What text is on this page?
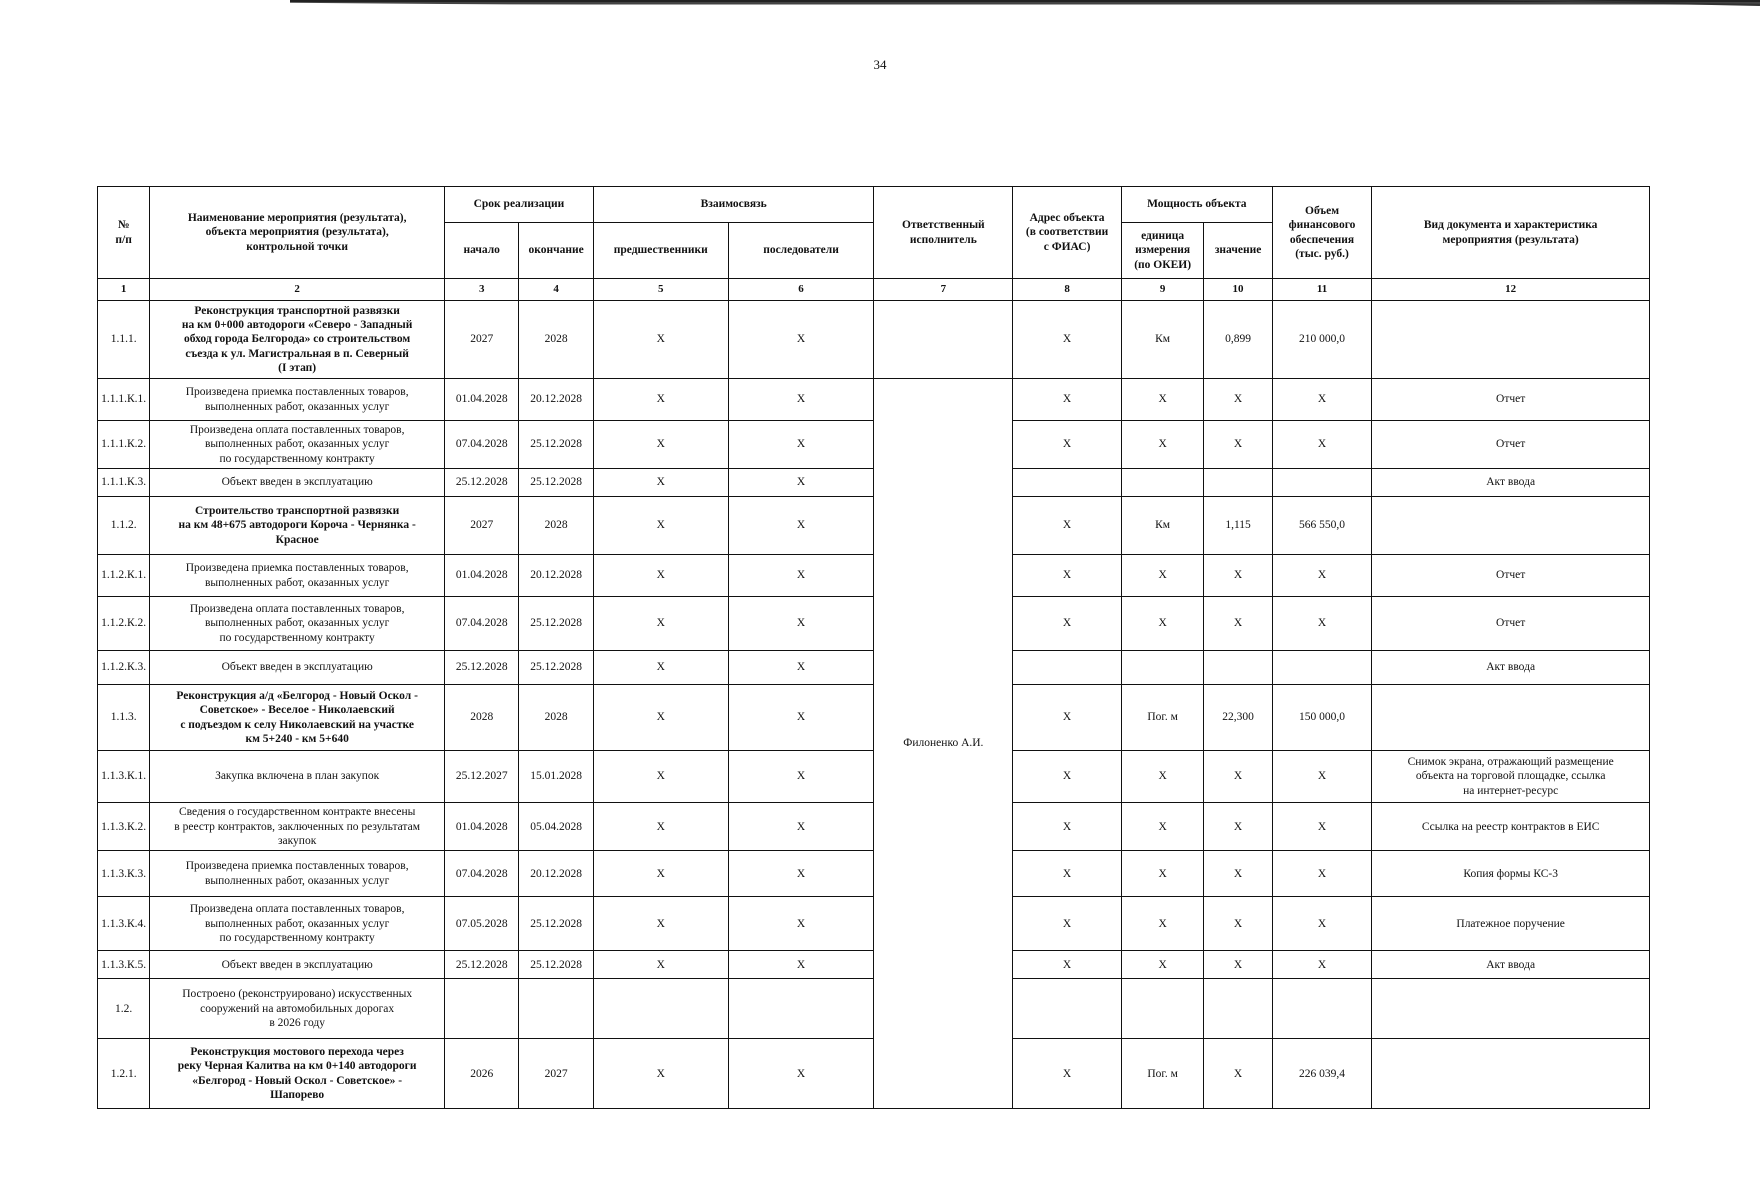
34
№
п/п	Наименование мероприятия (результата),
объекта мероприятия (результата),
контрольной точки	Срок реализации		Взаимосвязь		Ответственный
исполнитель	Адрес объекта
(в соответствии
с ФИАС)	Мощность объекта		Объем
финансового
обеспечения
(тыс. руб.)	Вид документа и характеристика
мероприятия (результата)
		начало	окончание	предшественники	последователи			единица
измерения
(по ОКЕИ)	значение		
1	2	3	4	5	6	7	8	9	10	11	12
1.1.1.	Реконструкция транспортной развязки
на км 0+000 автодороги «Северо - Западный
обход города Белгорода» со строительством
съезда к ул. Магистральная в п. Северный
(I этап)	2027	2028	X	X		X	Км	0,899	210 000,0	
1.1.1.К.1.	Произведена приемка поставленных товаров,
выполненных работ, оказанных услуг	01.04.2028	20.12.2028	X	X	Филоненко А.И.	X	X	X	X	Отчет
1.1.1.К.2.	Произведена оплата поставленных товаров,
выполненных работ, оказанных услуг
по государственному контракту	07.04.2028	25.12.2028	X	X		X	X	X	X	Отчет
1.1.1.К.3.	Объект введен в эксплуатацию	25.12.2028	25.12.2028	X	X						Акт ввода
1.1.2.	Строительство транспортной развязки
на км 48+675 автодороги Короча - Чернянка -
Красное	2027	2028	X	X		X	Км	1,115	566 550,0	
1.1.2.К.1.	Произведена приемка поставленных товаров,
выполненных работ, оказанных услуг	01.04.2028	20.12.2028	X	X		X	X	X	X	Отчет
1.1.2.К.2.	Произведена оплата поставленных товаров,
выполненных работ, оказанных услуг
по государственному контракту	07.04.2028	25.12.2028	X	X		X	X	X	X	Отчет
1.1.2.К.3.	Объект введен в эксплуатацию	25.12.2028	25.12.2028	X	X						Акт ввода
1.1.3.	Реконструкция а/д «Белгород - Новый Оскол -
Советское» - Веселое - Николаевский
с подъездом к селу Николаевский на участке
км 5+240 - км 5+640	2028	2028	X	X		X	Пог. м	22,300	150 000,0	
1.1.3.К.1.	Закупка включена в план закупок	25.12.2027	15.01.2028	X	X		X	X	X	X	Снимок экрана, отражающий размещение
объекта на торговой площадке, ссылка
на интернет-ресурс
1.1.3.К.2.	Сведения о государственном контракте внесены
в реестр контрактов, заключенных по результатам
закупок	01.04.2028	05.04.2028	X	X		X	X	X	X	Ссылка на реестр контрактов в ЕИС
1.1.3.К.3.	Произведена приемка поставленных товаров,
выполненных работ, оказанных услуг	07.04.2028	20.12.2028	X	X		X	X	X	X	Копия формы КС-3
1.1.3.К.4.	Произведена оплата поставленных товаров,
выполненных работ, оказанных услуг
по государственному контракту	07.05.2028	25.12.2028	X	X		X	X	X	X	Платежное поручение
1.1.3.К.5.	Объект введен в эксплуатацию	25.12.2028	25.12.2028	X	X		X	X	X	X	Акт ввода
1.2.	Построено (реконструировано) искусственных
сооружений на автомобильных дорогах
в 2026 году										
1.2.1.	Реконструкция мостового перехода через
реку Черная Калитва на км 0+140 автодороги
«Белгород - Новый Оскол - Советское» -
Шапорево	2026	2027	X	X		X	Пог. м	X	226 039,4	
